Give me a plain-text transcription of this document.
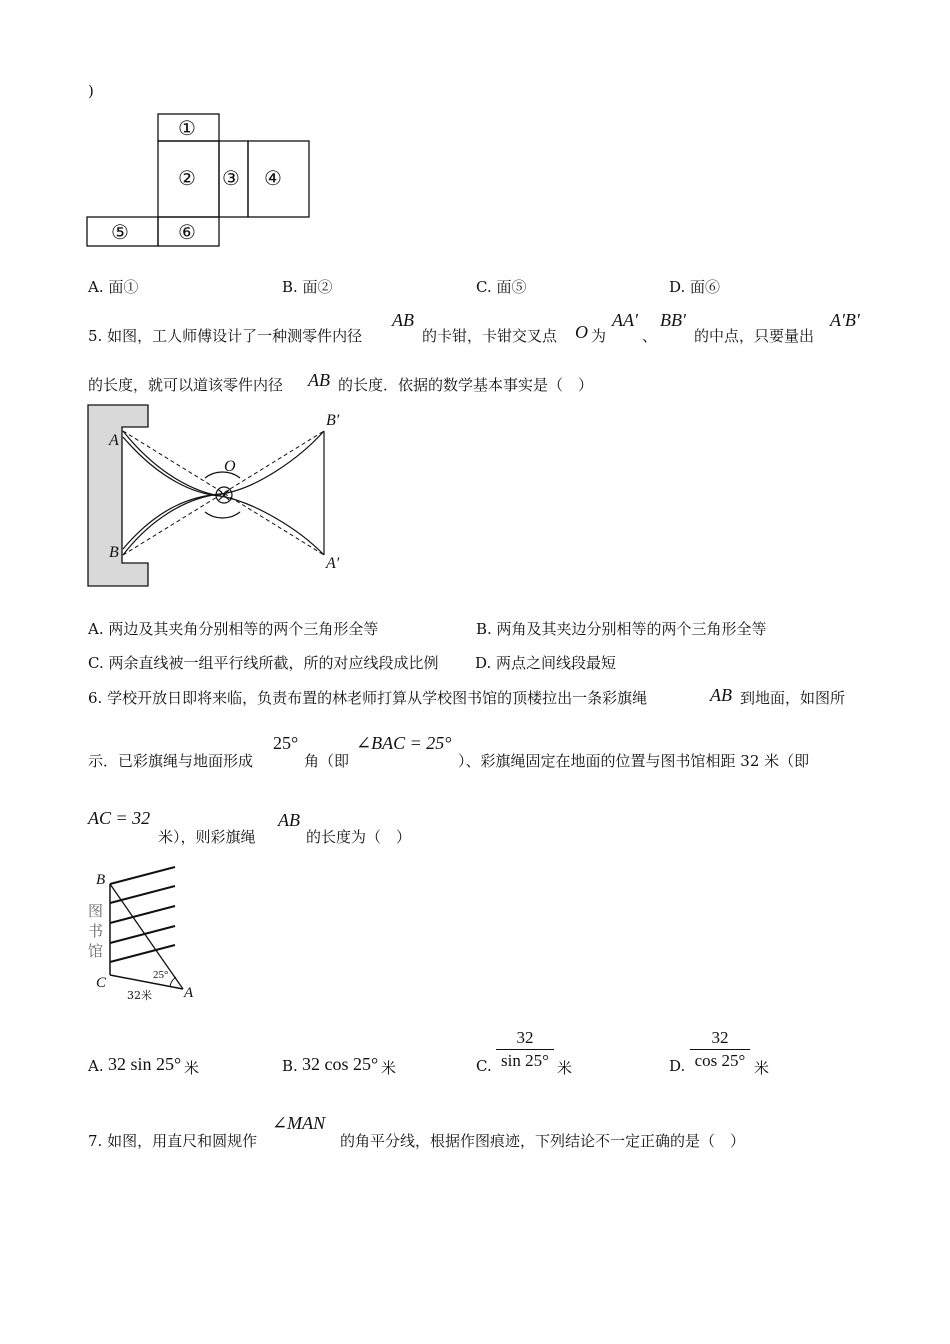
)
①
② ③ ④
⑤ ⑥
A. 面①	B. 面②	C. 面⑤	D. 面⑥
5. 如图，工人师傅设计了一种测零件内径
AB
的卡钳，卡钳交叉点 O 为
AA′
、
BB′
的中点，只要量出
A′B′
的长度，就可以道该零件内径 AB 的长度．依据的数学基本事实是（　）
A
B
O
B′
A′
A. 两边及其夹角分别相等的两个三角形全等	B. 两角及其夹边分别相等的两个三角形全等
C. 两余直线被一组平行线所截，所的对应线段成比例 D. 两点之间线段最短
6. 学校开放日即将来临，负责布置的林老师打算从学校图书馆的顶楼拉出一条彩旗绳	AB 到地面，如图所
示．已彩旗绳与地面形成
25°
角（即
∠BAC = 25°
）、彩旗绳固定在地面的位置与图书馆相距 32 米（即
AC = 32
米），则彩旗绳
AB
的长度为（　）
B
C
A
25°
32米
图
书
馆
A. 32 sin 25° 米	B. 32 cos 25° 米	C.
32
sin 25° 米	D.
32
cos 25° 米
7. 如图，用直尺和圆规作
∠MAN
的角平分线，根据作图痕迹，下列结论不一定正确的是（　）
